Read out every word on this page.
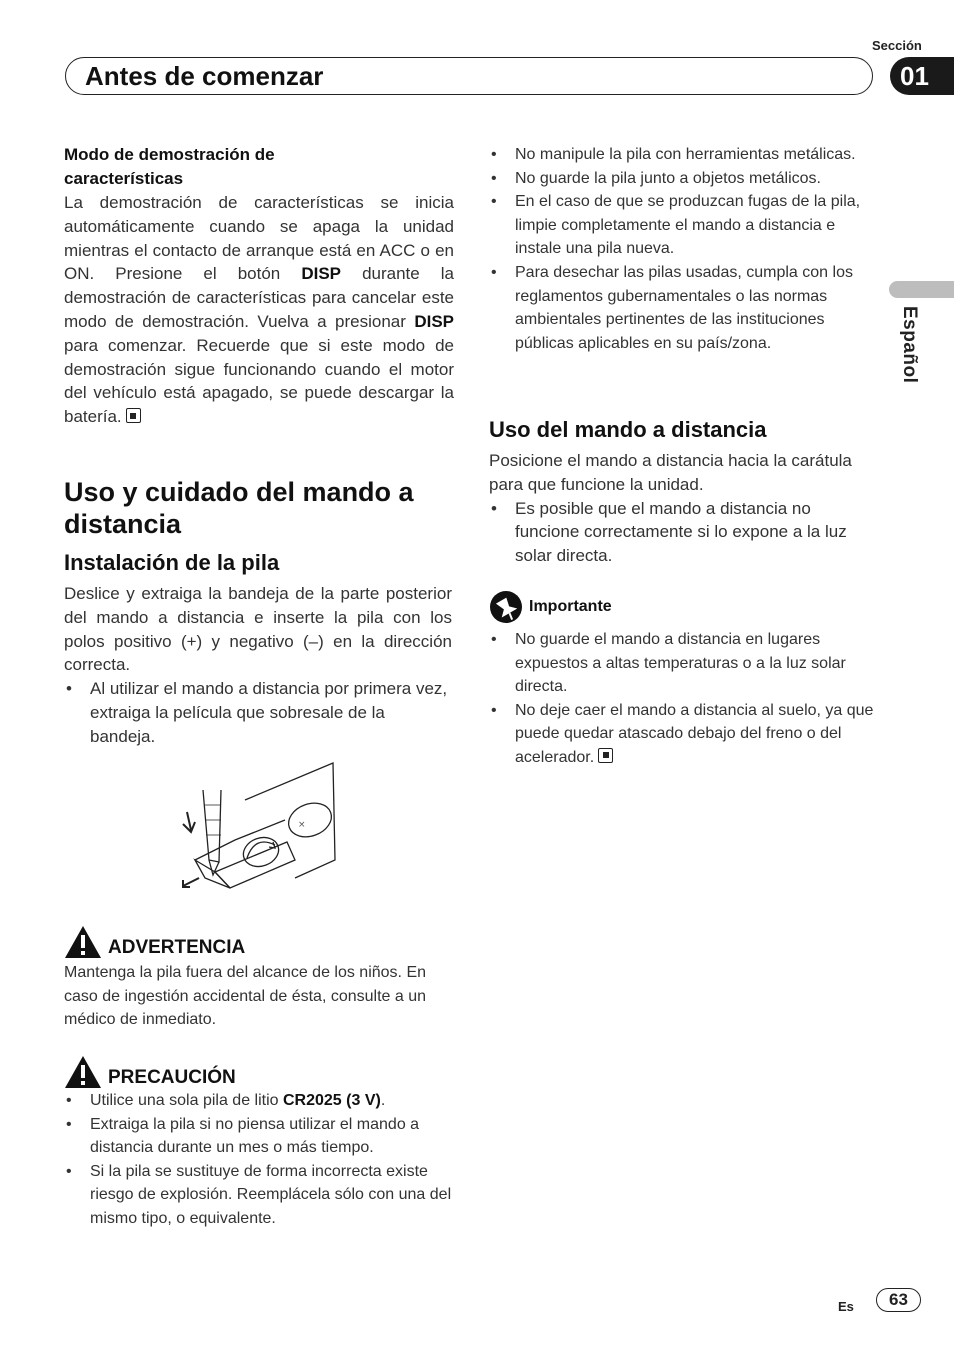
Sección
Antes de comenzar	01
Español
Modo de demostración de
características
La demostración de características se inicia automáticamente cuando se apaga la unidad mientras el contacto de arranque está en ACC o en ON. Presione el botón DISP durante la demostración de características para cancelar este modo de demostración. Vuelva a presionar DISP para comenzar. Recuerde que si este modo de demostración sigue funcionando cuando el motor del vehículo está apagado, se puede descargar la batería.
Uso y cuidado del mando a distancia
Instalación de la pila
Deslice y extraiga la bandeja de la parte posterior del mando a distancia e inserte la pila con los polos positivo (+) y negativo (–) en la dirección correcta.
• Al utilizar el mando a distancia por primera vez, extraiga la película que sobresale de la bandeja.
×
ADVERTENCIA
Mantenga la pila fuera del alcance de los niños. En caso de ingestión accidental de ésta, consulte a un médico de inmediato.
PRECAUCIÓN
• Utilice una sola pila de litio CR2025 (3 V).
• Extraiga la pila si no piensa utilizar el mando a distancia durante un mes o más tiempo.
• Si la pila se sustituye de forma incorrecta existe riesgo de explosión. Reemplácela sólo con una del mismo tipo, o equivalente.
• No manipule la pila con herramientas metálicas.
• No guarde la pila junto a objetos metálicos.
• En el caso de que se produzcan fugas de la pila, limpie completamente el mando a distancia e instale una pila nueva.
• Para desechar las pilas usadas, cumpla con los reglamentos gubernamentales o las normas ambientales pertinentes de las instituciones públicas aplicables en su país/zona.
Uso del mando a distancia
Posicione el mando a distancia hacia la carátula para que funcione la unidad.
• Es posible que el mando a distancia no funcione correctamente si lo expone a la luz solar directa.
Importante
• No guarde el mando a distancia en lugares expuestos a altas temperaturas o a la luz solar directa.
• No deje caer el mando a distancia al suelo, ya que puede quedar atascado debajo del freno o del acelerador.
Es	63
